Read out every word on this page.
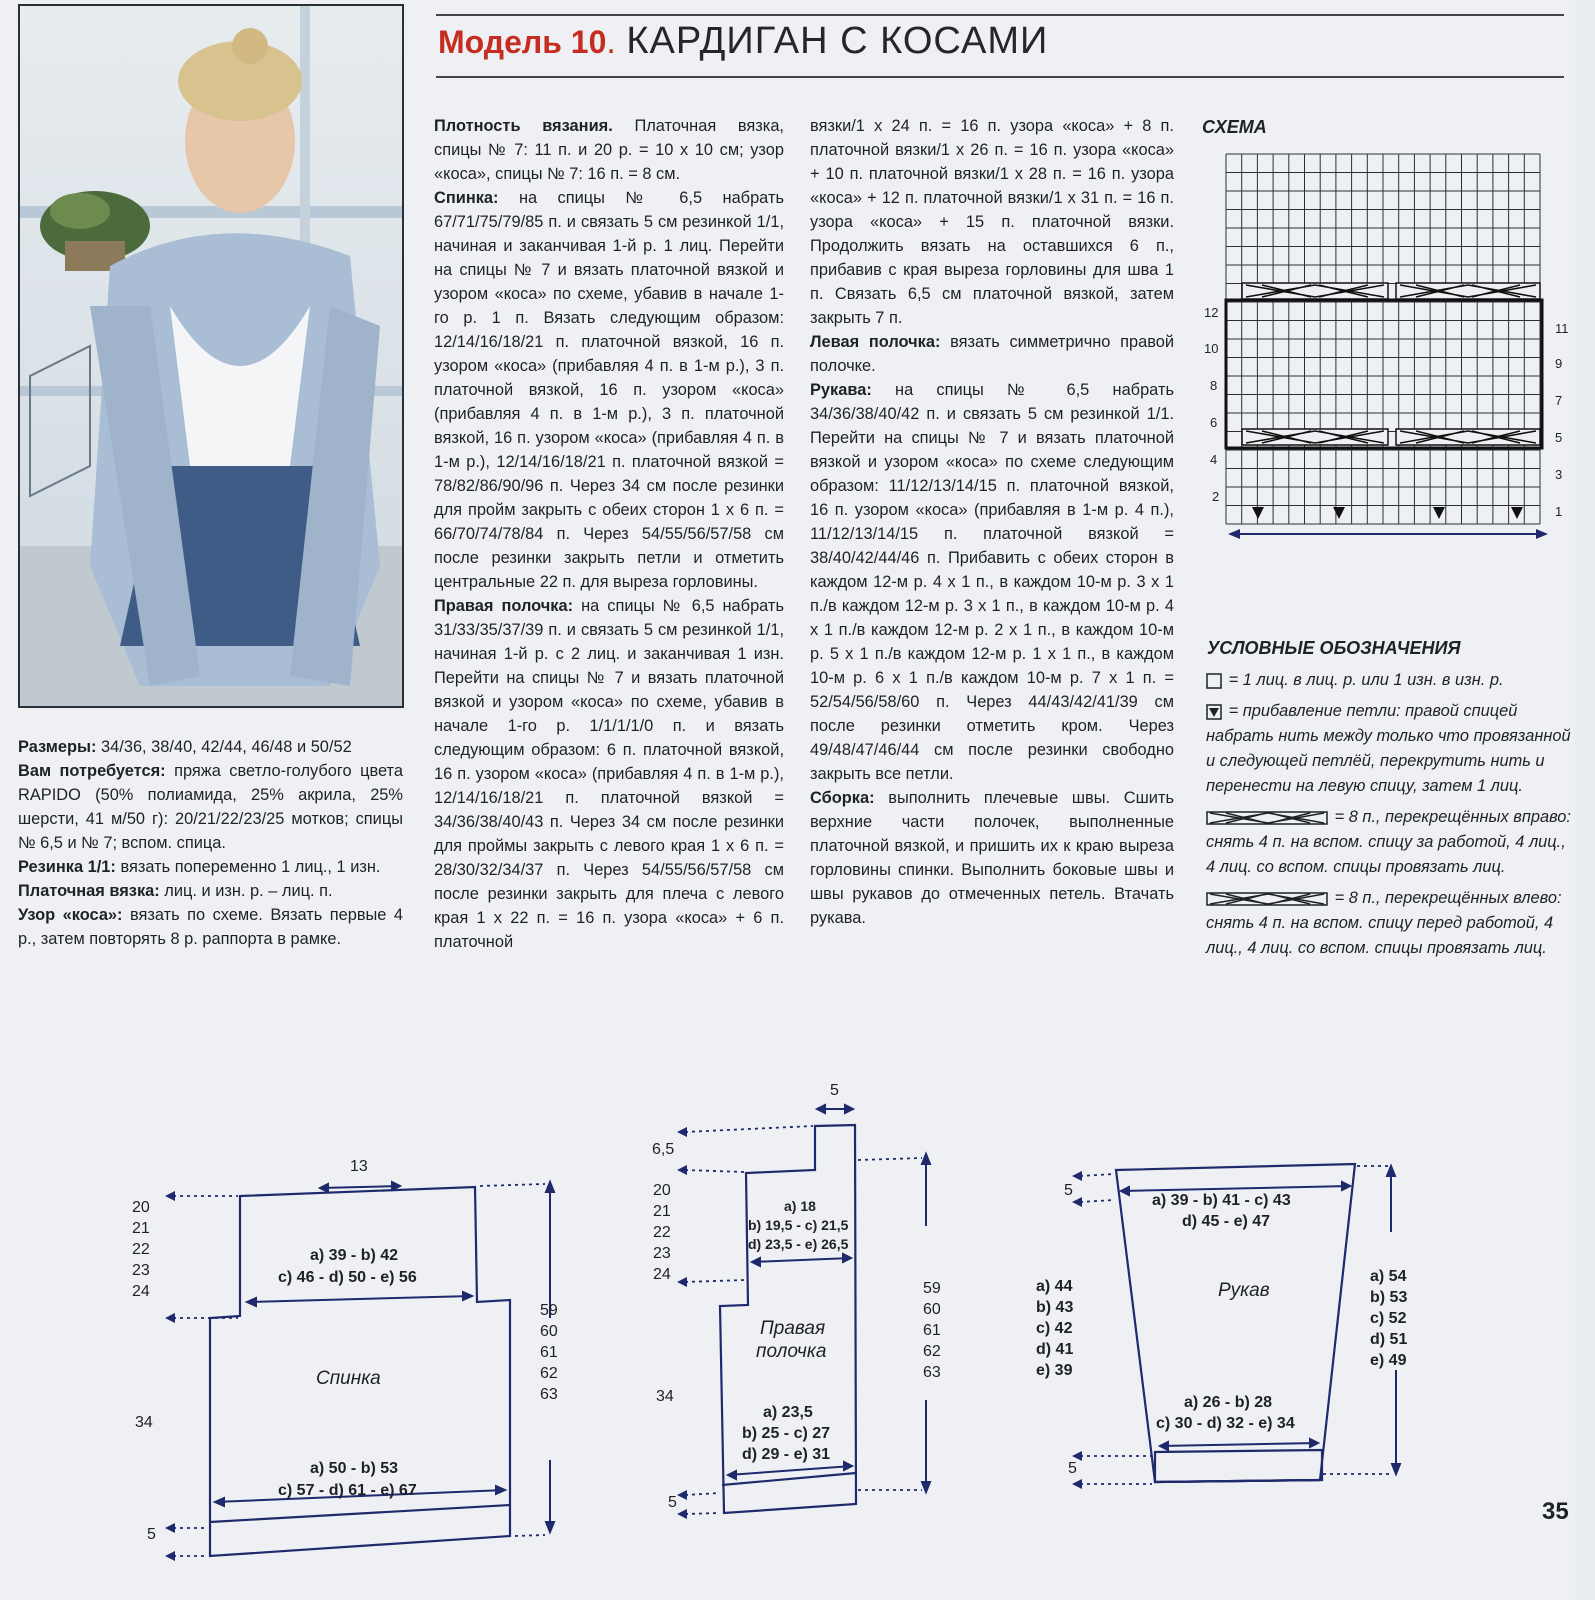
Модель 10. КАРДИГАН С КОСАМИ

Размеры: 34/36, 38/40, 42/44, 46/48 и 50/52

Вам потребуется: пряжа светло-голубого цвета RAPIDO (50% полиамида, 25% акрила, 25% шерсти, 41 м/50 г): 20/21/22/23/25 мотков; спицы № 6,5 и № 7; вспом. спица.

Резинка 1/1: вязать попеременно 1 лиц., 1 изн.

Платочная вязка: лиц. и изн. р. – лиц. п.

Узор «коса»: вязать по схеме. Вязать первые 4 р., затем повторять 8 р. раппорта в рамке.

Плотность вязания. Платочная вязка, спицы № 7: 11 п. и 20 р. = 10 x 10 см; узор «коса», спицы № 7: 16 п. = 8 см.

Спинка: на спицы № 6,5 набрать 67/71/75/79/85 п. и связать 5 см резинкой 1/1, начиная и заканчивая 1-й р. 1 лиц. Перейти на спицы № 7 и вязать платочной вязкой и узором «коса» по схеме, убавив в начале 1-го р. 1 п. Вязать следующим образом: 12/14/16/18/21 п. платочной вязкой, 16 п. узором «коса» (прибавляя 4 п. в 1-м р.), 3 п. платочной вязкой, 16 п. узором «коса» (прибавляя 4 п. в 1-м р.), 3 п. платочной вязкой, 16 п. узором «коса» (прибавляя 4 п. в 1-м р.), 12/14/16/18/21 п. платочной вязкой = 78/82/86/90/96 п. Через 34 см после резинки для пройм закрыть с обеих сторон 1 x 6 п. = 66/70/74/78/84 п. Через 54/55/56/57/58 см после резинки закрыть петли и отметить центральные 22 п. для выреза горловины.

Правая полочка: на спицы № 6,5 набрать 31/33/35/37/39 п. и связать 5 см резинкой 1/1, начиная 1-й р. с 2 лиц. и заканчивая 1 изн. Перейти на спицы № 7 и вязать платочной вязкой и узором «коса» по схеме, убавив в начале 1-го р. 1/1/1/1/0 п. и вязать следующим образом: 6 п. платочной вязкой, 16 п. узором «коса» (прибавляя 4 п. в 1-м р.), 12/14/16/18/21 п. платочной вязкой = 34/36/38/40/43 п. Через 34 см после резинки для проймы закрыть с левого края 1 x 6 п. = 28/30/32/34/37 п. Через 54/55/56/57/58 см после резинки закрыть для плеча с левого края 1 x 22 п. = 16 п. узора «коса» + 6 п. платочной

вязки/1 x 24 п. = 16 п. узора «коса» + 8 п. платочной вязки/1 x 26 п. = 16 п. узора «коса» + 10 п. платочной вязки/1 x 28 п. = 16 п. узора «коса» + 12 п. платочной вязки/1 x 31 п. = 16 п. узора «коса» + 15 п. платочной вязки. Продолжить вязать на оставшихся 6 п., прибавив с края выреза горловины для шва 1 п. Связать 6,5 см платочной вязкой, затем закрыть 7 п.

Левая полочка: вязать симметрично правой полочке.

Рукава: на спицы № 6,5 набрать 34/36/38/40/42 п. и связать 5 см резинкой 1/1. Перейти на спицы № 7 и вязать платочной вязкой и узором «коса» по схеме следующим образом: 11/12/13/14/15 п. платочной вязкой, 16 п. узором «коса» (прибавляя в 1-м р. 4 п.), 11/12/13/14/15 п. платочной вязкой = 38/40/42/44/46 п. Прибавить с обеих сторон в каждом 12-м р. 4 x 1 п., в каждом 10-м р. 3 x 1 п./в каждом 12-м р. 3 x 1 п., в каждом 10-м р. 4 x 1 п./в каждом 12-м р. 2 x 1 п., в каждом 10-м р. 5 x 1 п./в каждом 12-м р. 1 x 1 п., в каждом 10-м р. 6 x 1 п./в каждом 10-м р. 7 x 1 п. = 52/54/56/58/60 п. Через 44/43/42/41/39 см после резинки отметить кром. Через 49/48/47/46/44 см после резинки свободно закрыть все петли.

Сборка: выполнить плечевые швы. Сшить верхние части полочек, выполненные платочной вязкой, и пришить их к краю выреза горловины спинки. Выполнить боковые швы и швы рукавов до отмеченных петель. Втачать рукава.

СХЕМА
12
10
8
6
4
2
11
9
7
5
3
1
УСЛОВНЫЕ ОБОЗНАЧЕНИЯ
= 1 лиц. в лиц. р. или 1 изн. в изн. р.
= прибавление петли: правой спицей набрать нить между только что провязанной и следующей петлёй, перекрутить нить и перенести на левую спицу, затем 1 лиц.
= 8 п., перекрещённых вправо: снять 4 п. на вспом. спицу за работой, 4 лиц., 4 лиц. со вспом. спицы провязать лиц.
= 8 п., перекрещённых влево: снять 4 п. на вспом. спицу перед работой, 4 лиц., 4 лиц. со вспом. спицы провязать лиц.
13
20
21
22
23
24
34
5
59
60
61
62
63
a) 39 - b) 42
c) 46 - d) 50 - e) 56
Спинка
a) 50 - b) 53
c) 57 - d) 61 - e) 67
5
6,5
20
21
22
23
24
34
5
59
60
61
62
63
a) 18
b) 19,5 - c) 21,5
d) 23,5 - e) 26,5
Правая
полочка
a) 23,5
b) 25 - c) 27
d) 29 - e) 31
5
5
a) 44
b) 43
c) 42
d) 41
e) 39
a) 54
b) 53
c) 52
d) 51
e) 49
a) 39 - b) 41 - c) 43
d) 45 - e) 47
Рукав
a) 26 - b) 28
c) 30 - d) 32 - e) 34
35
